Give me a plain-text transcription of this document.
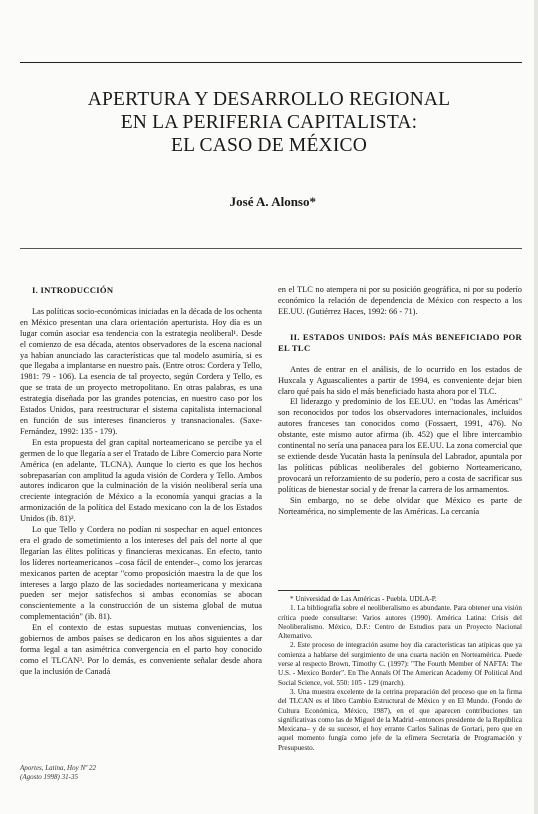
APERTURA Y DESARROLLO REGIONAL
EN LA PERIFERIA CAPITALISTA:
EL CASO DE MÉXICO
José A. Alonso*

I. INTRODUCCIÓN

Las políticas socio-económicas iniciadas en la década de los ochenta en México presentan una clara orientación aperturista. Hoy día es un lugar común asociar esa tendencia con la estrategia neoliberal¹. Desde el comienzo de esa década, atentos observadores de la escena nacional ya habían anunciado las características que tal modelo asumiría, si es que llegaba a implantarse en nuestro país. (Entre otros: Cordera y Tello, 1981: 79 - 106). La esencia de tal proyecto, según Cordera y Tello, es que se trata de un proyecto metropolitano. En otras palabras, es una estrategia diseñada por las grandes potencias, en nuestro caso por los Estados Unidos, para reestructurar el sistema capitalista internacional en función de sus intereses financieros y transnacionales. (Saxe-Fernández, 1992: 135 - 179).

En esta propuesta del gran capital norteamericano se percibe ya el germen de lo que llegaría a ser el Tratado de Libre Comercio para Norte América (en adelante, TLCNA). Aunque lo cierto es que los hechos sobrepasarían con amplitud la aguda visión de Cordera y Tello. Ambos autores indicaron que la culminación de la visión neoliberal sería una creciente integración de México a la economía yanqui gracias a la armonización de la política del Estado mexicano con la de los Estados Unidos (ib. 81)².

Lo que Tello y Cordera no podían ni sospechar en aquel entonces era el grado de sometimiento a los intereses del país del norte al que llegarían las élites políticas y financieras mexicanas. En efecto, tanto los líderes norteamericanos –cosa fácil de entender–, como los jerarcas mexicanos parten de aceptar "como proposición maestra la de que los intereses a largo plazo de las sociedades norteamericana y mexicana pueden ser mejor satisfechos si ambas economías se abocan conscientemente a la construcción de un sistema global de mutua complementación" (ib. 81).

En el contexto de estas supuestas mutuas conveniencias, los gobiernos de ambos países se dedicaron en los años siguientes a dar forma legal a tan asimétrica convergencia en el parto hoy conocido como el TLCAN³. Por lo demás, es conveniente señalar desde ahora que la inclusión de Canadá

en el TLC no atempera ni por su posición geográfica, ni por su poderío económico la relación de dependencia de México con respecto a los EE.UU. (Gutiérrez Haces, 1992: 66 - 71).

II. ESTADOS UNIDOS: PAÍS MÁS BENEFICIADO POR EL TLC

Antes de entrar en el análisis, de lo ocurrido en los estados de Huxcala y Aguascalientes a partir de 1994, es conveniente dejar bien claro qué país ha sido el más beneficiado hasta ahora por el TLC.

El liderazgo y predominio de los EE.UU. en "todas las Américas" son reconocidos por todos los observadores internacionales, incluidos autores franceses tan conocidos como (Fossaert, 1991, 476). No obstante, este mismo autor afirma (ib. 452) que el libre intercambio continental no sería una panacea para los EE.UU. La zona comercial que se extiende desde Yucatán hasta la península del Labrador, apuntala por las políticas públicas neoliberales del gobierno Norteamericano, provocará un reforzamiento de su poderío, pero a costa de sacrificar sus políticas de bienestar social y de frenar la carrera de los armamentos.

Sin embargo, no se debe olvidar que México es parte de Norteamérica, no simplemente de las Américas. La cercanía

* Universidad de Las Américas - Puebla. UDLA-P.

1. La bibliografía sobre el neoliberalismo es abundante. Para obtener una visión crítica puede consultarse: Varios autores (1990). América Latina: Crisis del Neoliberalismo. México, D.F.: Centro de Estudios para un Proyecto Nacional Alternativo.

2. Este proceso de integración asume hoy día características tan atípicas que ya comienza a hablarse del surgimiento de una cuarta nación en Norteamérica. Puede verse al respecto Brown, Timothy C. (1997): "The Fourth Member of NAFTA: The U.S. - Mexico Border". En The Annals Of The American Academy Of Political And Social Science, vol. 550: 105 - 129 (march).

3. Una muestra excelente de la cetrina preparación del proceso que en la firma del TLCAN es el libro Cambio Estructural de México y en El Mundo. (Fondo de Cultura Económica, México, 1987), en el que aparecen contribuciones tan significativas como las de Miguel de la Madrid –entonces presidente de la República Mexicana– y de su sucesor, el hoy errante Carlos Salinas de Gortari, pero que en aquel momento fungía como jefe de la efímera Secretaría de Programación y Presupuesto.

Aportes, Latina, Hoy Nº 22
(Agosto 1998) 31-35
